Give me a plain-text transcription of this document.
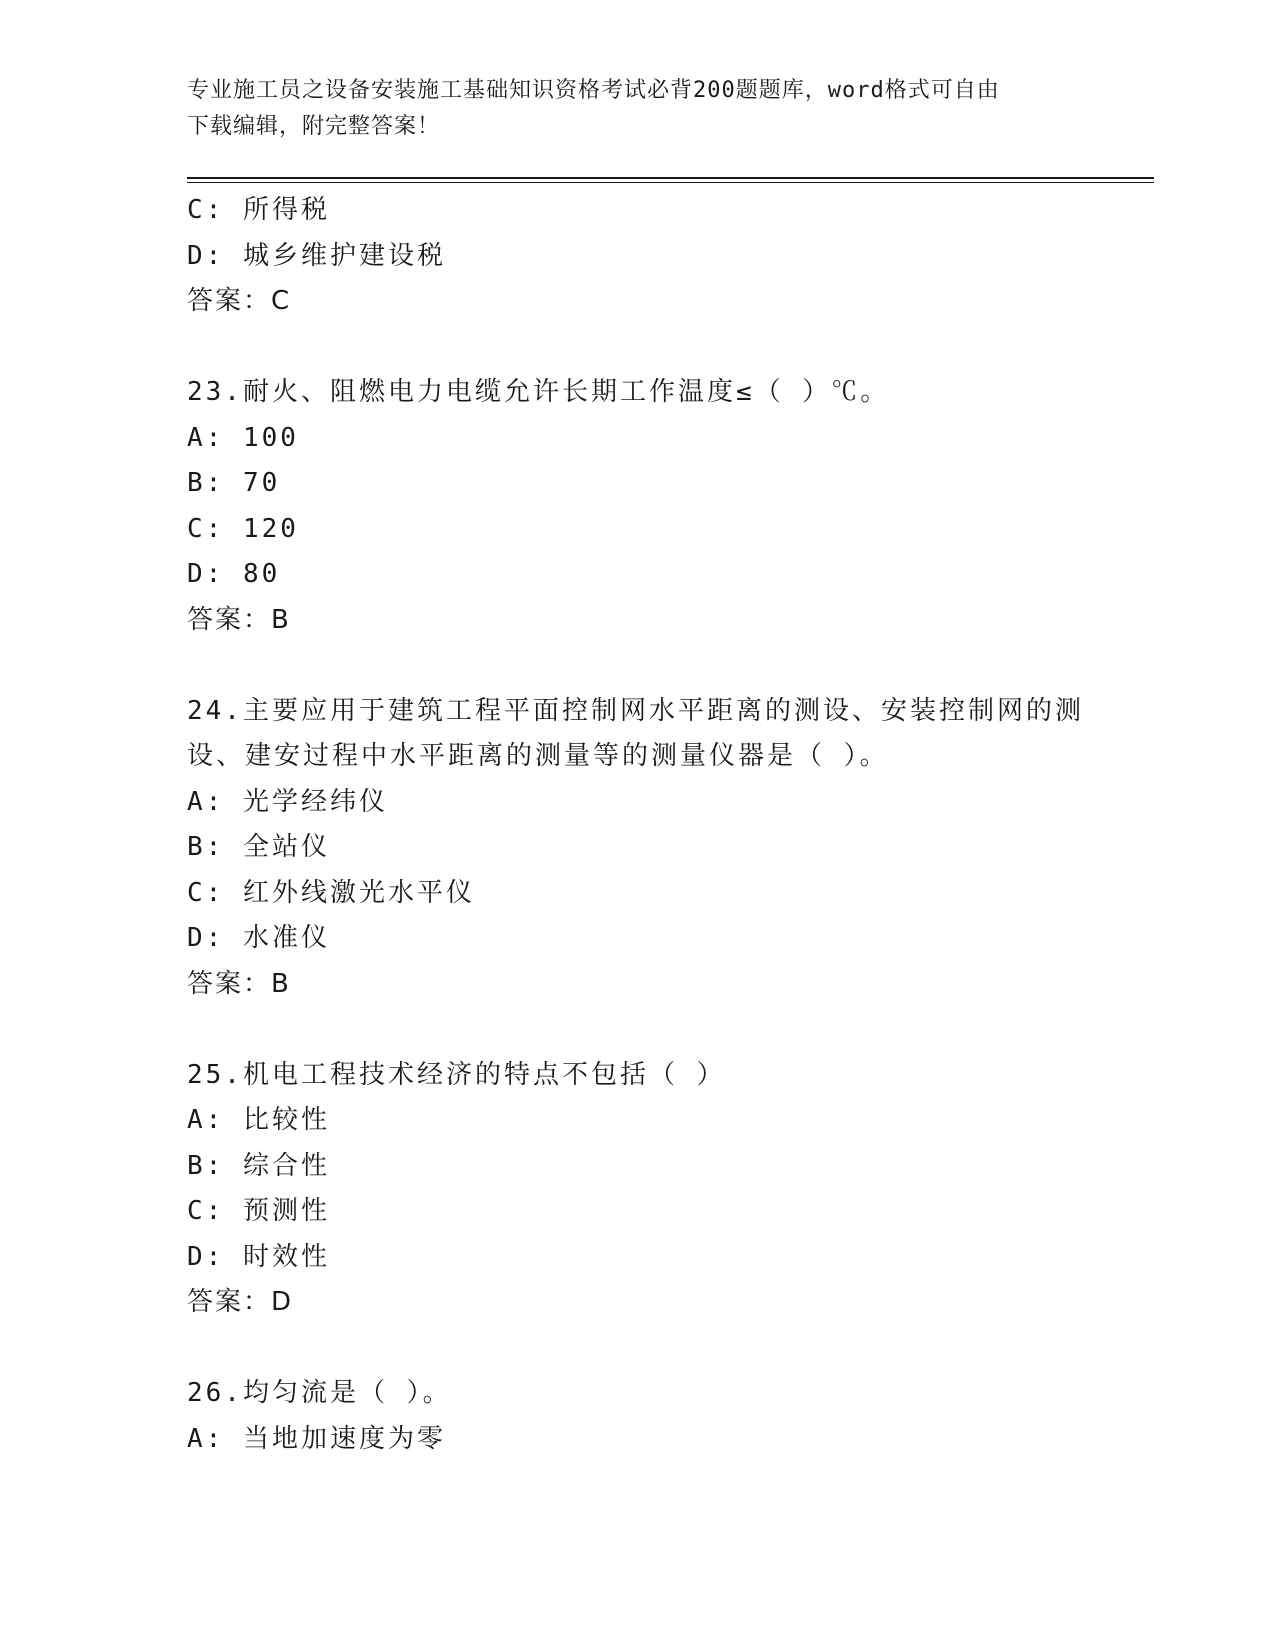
专业施工员之设备安装施工基础知识资格考试必背200题题库，word格式可自由
下载编辑，附完整答案！
C: 所得税
D: 城乡维护建设税
答案：C
23.耐火、阻燃电力电缆允许长期工作温度≤（ ）℃。
A: 100
B: 70
C: 120
D: 80
答案：B
24.主要应用于建筑工程平面控制网水平距离的测设、安装控制网的测
设、建安过程中水平距离的测量等的测量仪器是（ ）。
A: 光学经纬仪
B: 全站仪
C: 红外线激光水平仪
D: 水准仪
答案：B
25.机电工程技术经济的特点不包括（ ）
A: 比较性
B: 综合性
C: 预测性
D: 时效性
答案：D
26.均匀流是（ ）。
A: 当地加速度为零
